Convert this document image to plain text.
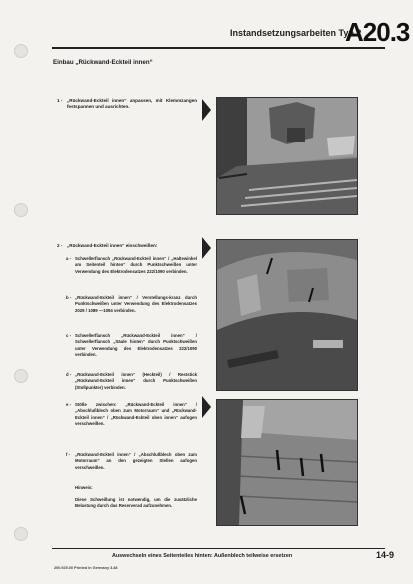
Instandsetzungsarbeiten Typ 2
A20.3
Einbau „Rückwand-Eckteil innen“
1 -	„Rückwand-Eckteil innen“ anpassen, mit Klemmzangen festspannen und ausrichten.
2 -	„Rückwand-Eckteil innen“ einschweißen:
a - Schwellerflansch „Rückwand-Eckteil innen“ / „Haltewinkel am Seitenteil hinten“ durch Punktschweißen unter Verwendung des Elektrodensatzes 222/1090 verbinden.
b - „Rückwand-Eckteil innen“ / Verstellungs-kranz durch Punktschweißen unter Verwendung des Elektrodensatzes 2029 / 1089 —1094 verbinden.
c - Schwellerflansch „Rückwand-Eckteil innen“ / Schwellerflansch „Säule hinten“ durch Punktschweißen unter Verwendung des Elektrodensatzes 222/1090 verbinden.
d - „Rückwand-Eckteil innen“ (Heckteil) / Reststick „Rückwand-Eckteil innen“ durch Punktschweißen (Stollpunkter) verbinden.
e - Stöße zwischen: „Rückwand-Eckteil innen“ / „Abschlußblech oben zum Motorraum“ und „Rückwand-Eckteil innen“ / „Rückwand-Eckteil oben innen“ aufogen verschweißen.
f -	„Rückwand-Eckteil innen“ / „Abschlußblech oben zum Motorraum“ an den gezeigten Stellen aufogen verschweißen.
Hinweis:
Diese Schweißung ist notwendig, um die zusätzliche Belastung durch das Reserverad aufzunehmen.
Auswechseln eines Seitenteiles hinten: Außenblech teilweise ersetzen	14-9
200.925.00 Printed in Germany 3.48
